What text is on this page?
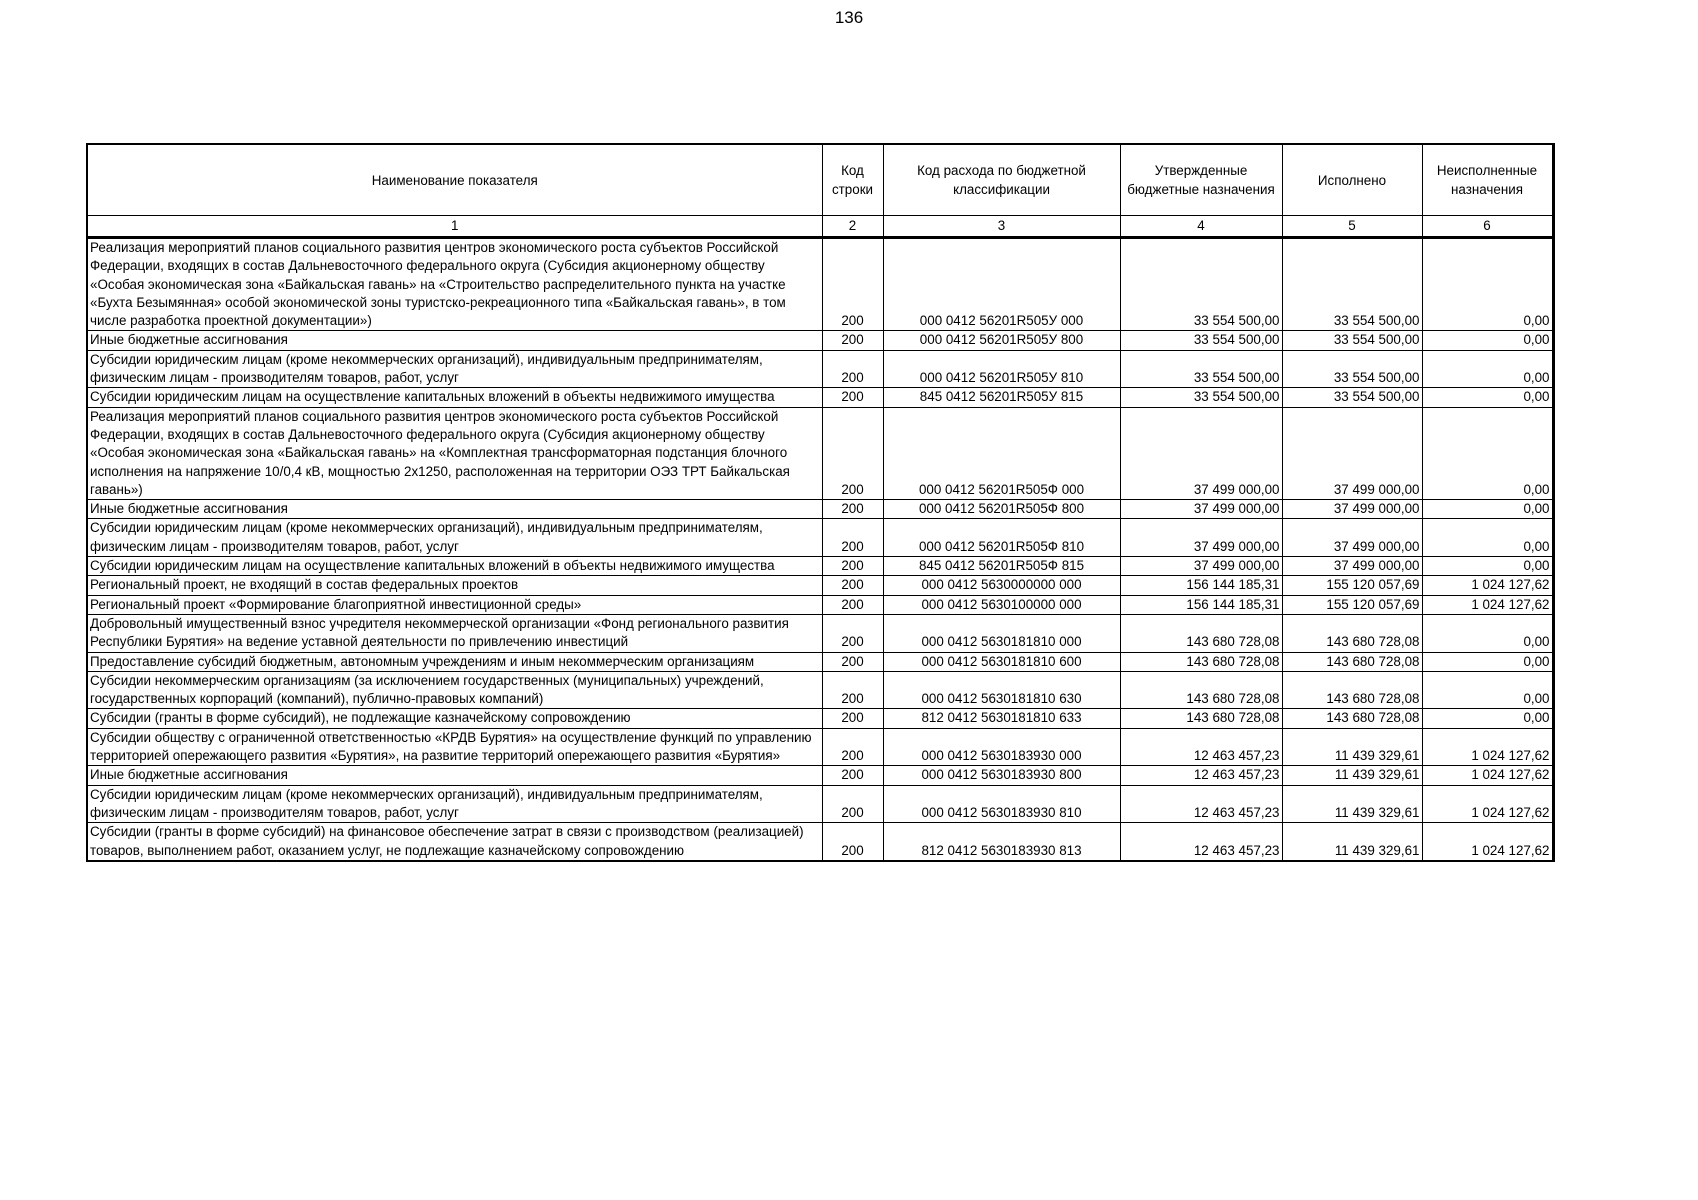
136
Наименование показателя	Код строки	Код расхода по бюджетной классификации	Утвержденные бюджетные назначения	Исполнено	Неисполненные назначения
1	2	3	4	5	6
Реализация мероприятий планов социального развития центров экономического роста субъектов Российской Федерации, входящих в состав Дальневосточного федерального округа (Субсидия акционерному обществу «Особая экономическая зона «Байкальская гавань» на «Строительство распределительного пункта на участке «Бухта Безымянная» особой экономической зоны туристско-рекреационного типа «Байкальская гавань», в том числе разработка проектной документации»)	200	000 0412 56201R505У 000	33 554 500,00	33 554 500,00	0,00
Иные бюджетные ассигнования	200	000 0412 56201R505У 800	33 554 500,00	33 554 500,00	0,00
Субсидии юридическим лицам (кроме некоммерческих организаций), индивидуальным предпринимателям, физическим лицам - производителям товаров, работ, услуг	200	000 0412 56201R505У 810	33 554 500,00	33 554 500,00	0,00
Субсидии юридическим лицам на осуществление капитальных вложений в объекты недвижимого имущества	200	845 0412 56201R505У 815	33 554 500,00	33 554 500,00	0,00
Реализация мероприятий планов социального развития центров экономического роста субъектов Российской Федерации, входящих в состав Дальневосточного федерального округа (Субсидия акционерному обществу «Особая экономическая зона «Байкальская гавань» на «Комплектная трансформаторная подстанция блочного исполнения на напряжение 10/0,4 кВ, мощностью 2х1250, расположенная на территории ОЭЗ ТРТ Байкальская гавань»)	200	000 0412 56201R505Ф 000	37 499 000,00	37 499 000,00	0,00
Иные бюджетные ассигнования	200	000 0412 56201R505Ф 800	37 499 000,00	37 499 000,00	0,00
Субсидии юридическим лицам (кроме некоммерческих организаций), индивидуальным предпринимателям, физическим лицам - производителям товаров, работ, услуг	200	000 0412 56201R505Ф 810	37 499 000,00	37 499 000,00	0,00
Субсидии юридическим лицам на осуществление капитальных вложений в объекты недвижимого имущества	200	845 0412 56201R505Ф 815	37 499 000,00	37 499 000,00	0,00
Региональный проект, не входящий в состав федеральных проектов	200	000 0412 5630000000 000	156 144 185,31	155 120 057,69	1 024 127,62
Региональный проект «Формирование благоприятной инвестиционной среды»	200	000 0412 5630100000 000	156 144 185,31	155 120 057,69	1 024 127,62
Добровольный имущественный взнос учредителя некоммерческой организации «Фонд регионального развития Республики Бурятия» на ведение уставной деятельности по привлечению инвестиций	200	000 0412 5630181810 000	143 680 728,08	143 680 728,08	0,00
Предоставление субсидий бюджетным, автономным учреждениям и иным некоммерческим организациям	200	000 0412 5630181810 600	143 680 728,08	143 680 728,08	0,00
Субсидии некоммерческим организациям (за исключением государственных (муниципальных) учреждений, государственных корпораций (компаний), публично-правовых компаний)	200	000 0412 5630181810 630	143 680 728,08	143 680 728,08	0,00
Субсидии (гранты в форме субсидий), не подлежащие казначейскому сопровождению	200	812 0412 5630181810 633	143 680 728,08	143 680 728,08	0,00
Субсидии обществу с ограниченной ответственностью «КРДВ Бурятия» на осуществление функций по управлению территорией опережающего развития «Бурятия», на развитие территорий опережающего развития «Бурятия»	200	000 0412 5630183930 000	12 463 457,23	11 439 329,61	1 024 127,62
Иные бюджетные ассигнования	200	000 0412 5630183930 800	12 463 457,23	11 439 329,61	1 024 127,62
Субсидии юридическим лицам (кроме некоммерческих организаций), индивидуальным предпринимателям, физическим лицам - производителям товаров, работ, услуг	200	000 0412 5630183930 810	12 463 457,23	11 439 329,61	1 024 127,62
Субсидии (гранты в форме субсидий) на финансовое обеспечение затрат в связи с производством (реализацией) товаров, выполнением работ, оказанием услуг, не подлежащие казначейскому сопровождению	200	812 0412 5630183930 813	12 463 457,23	11 439 329,61	1 024 127,62
